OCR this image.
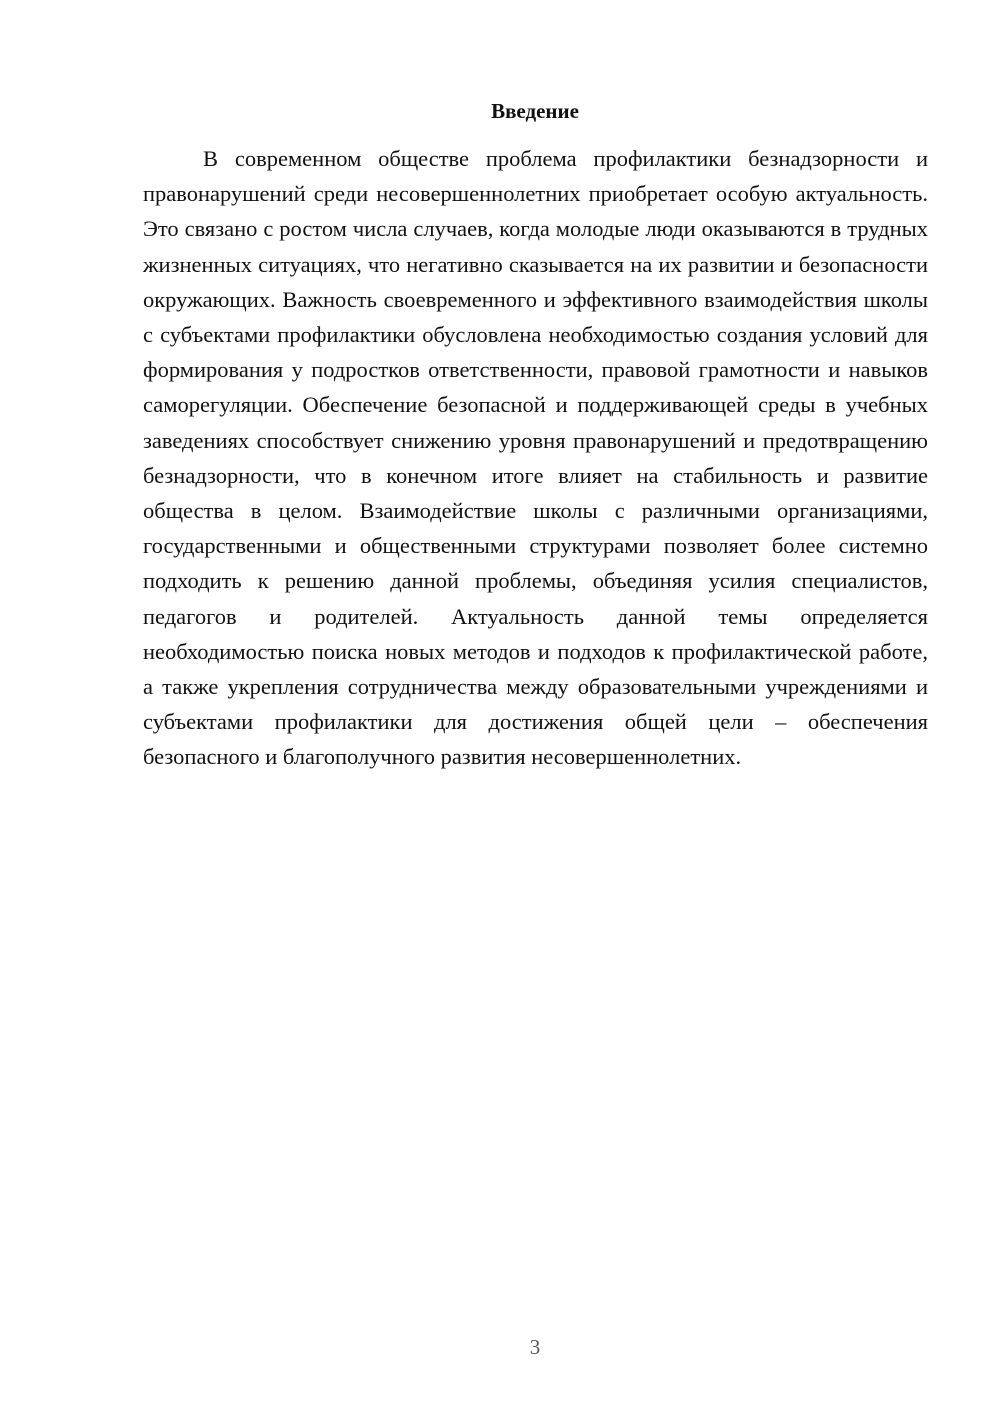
Введение

В современном обществе проблема профилактики безнадзорности и правонарушений среди несовершеннолетних приобретает особую актуальность. Это связано с ростом числа случаев, когда молодые люди оказываются в трудных жизненных ситуациях, что негативно сказывается на их развитии и безопасности окружающих. Важность своевременного и эффективного взаимодействия школы с субъектами профилактики обусловлена необходимостью создания условий для формирования у подростков ответственности, правовой грамотности и навыков саморегуляции. Обеспечение безопасной и поддерживающей среды в учебных заведениях способствует снижению уровня правонарушений и предотвращению безнадзорности, что в конечном итоге влияет на стабильность и развитие общества в целом. Взаимодействие школы с различными организациями, государственными и общественными структурами позволяет более системно подходить к решению данной проблемы, объединяя усилия специалистов, педагогов и родителей. Актуальность данной темы определяется необходимостью поиска новых методов и подходов к профилактической работе, а также укрепления сотрудничества между образовательными учреждениями и субъектами профилактики для достижения общей цели – обеспечения безопасного и благополучного развития несовершеннолетних.

3
